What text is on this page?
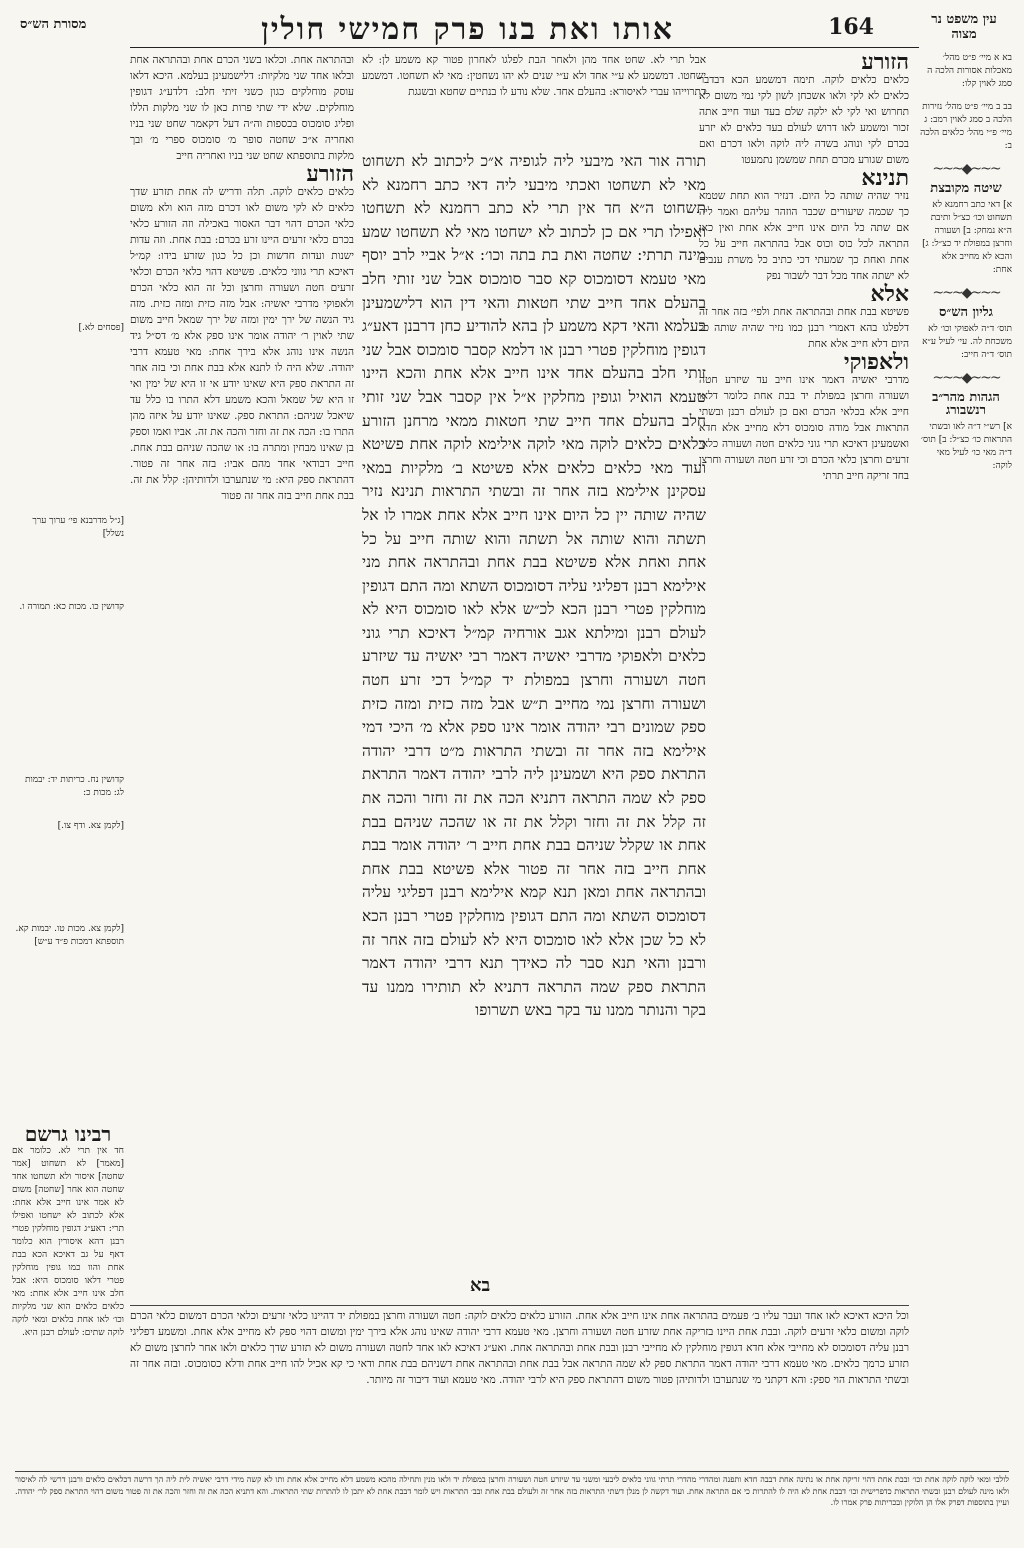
עין משפט נר מצוה
164
אותו ואת בנו פרק חמישי חולין
מסורת הש״ס
בא א מיי׳ פ״ט מהל׳ מאכלות אסורות הלכה ה סמג לאוין קלו:
בב ב מיי׳ פ״ט מהל׳ נזירות הלכה ב סמג לאוין רמב: ג מיי׳ פ״י מהל׳ כלאים הלכה ב:
~~~◆~~~
שיטה מקובצת
א] דאי כתב רחמנא לא תשחוט וכו׳ כצ״ל ותיבת ה״א נמחק: ב] ושעורה וחרצן במפולת יד כצ״ל: ג] והכא לא מחייב אלא אחת:
~~~◆~~~
גליון הש״ס
תוס׳ ד״ה לאפוקי וכו׳ לא משכחת לה. עי׳ לעיל ע״א תוס׳ ד״ה חייב:
~~~◆~~~
הגהות מהר״ב רנשבורג
א] רש״י ד״ה לאו ובשתי התראות כו׳ כצ״ל: ב] תוס׳ ד״ה מאי כו׳ לעיל מאי לוקה:
הזורע

כלאים כלאים לוקה. תימה דמשמע הכא דבדבר כלאים לא לקי ולאו אשכחן לשון לקי נמי משום לא תחרוש ואי לקי לא ילקה שלם בעד ועוד חייב אתה זכור ומשמע לאו דרוש לעולם בעד כלאים לא יזרע בכרם לקי ונוהג בשדה ליה לוקה ולאו דכרם ואם משום שגורע מכרם תחת שמשמן נתמעטו

תנינא

נזיר שהיה שותה כל היום. דנזיר הוא תחת שטמא כך שכמה שיעורים שכבר הוזהר עליהם ואמר ליה אם שתה כל היום אינו חייב אלא אחת ואין כאן התראה לכל כוס וכוס אבל בהתראה חייב על כל אחת ואחת כך שמעתי דכי כתיב כל משרת ענבים לא ישתה אחד מכל דבר לשבור נפק

אלא

פשיטא בבת אחת ובהתראה אחת ולפי׳ בזה אחר זה דלפלגו בהא דאמרי רבנן כמו נזיר שהיה שותה כל היום דלא חייב אלא אחת

ולאפוקי

מדרבי יאשיה דאמר אינו חייב עד שיזרע חטה ושעורה וחרצן במפולת יד בבת אחת כלומר דלאו חייב אלא בכלאי הכרם ואם כן לעולם רבנן ובשתי התראות אבל מודה סומכוס דלא מחייב אלא חדא ואשמעינן דאיכא תרי גוני כלאים חטה ושעורה כלאי זרעים וחרצן כלאי הכרם וכי זרע חטה ושעורה וחרצן בחד זריקה חייב תרתי

אבל תרי לא. שחט אחד מהן ולאחר הבת לפלגו לאחרון פטור קא משמע לן: לא ישחטו. דמשמע לא ע״י אחד ולא ע״י שנים לא יהו נשחטין: מאי לא תשחטו. דמשמע דתרוייהו עברי לאיסורא: בהעלם אחד. שלא נודע לו בנתיים שחטא ובשגגת

תורה אור האי מיבעי ליה לגופיה א״כ ליכתוב לא תשחוט מאי לא תשחטו ואכתי מיבעי ליה דאי כתב רחמנא לא תשחוט ה״א חד אין תרי לא כתב רחמנא לא תשחטו ואפילו תרי אם כן לכתוב לא ישחטו מאי לא תשחטו שמע מינה תרתי: שחטה ואת בת בתה וכו׳: א״ל אביי לרב יוסף מאי טעמא דסומכוס קא סבר סומכוס אבל שני זותי חלב בהעלם אחד חייב שתי חטאות והאי דין הוא דלישמעינן בעלמא והאי דקא משמע לן בהא להודיע כחן דרבנן דאע״ג דגופין מוחלקין פטרי רבנן או דלמא קסבר סומכוס אבל שני זותי חלב בהעלם אחד אינו חייב אלא אחת והכא היינו טעמא הואיל וגופין מחלקין א״ל אין קסבר אבל שני זותי חלב בהעלם אחד חייב שתי חטאות ממאי מרחנן הזורע כלאים כלאים לוקה מאי לוקה אילימא לוקה אחת פשיטא ועוד מאי כלאים כלאים אלא פשיטא ב׳ מלקיות במאי עסקינן אילימא בזה אחר זה ובשתי התראות תנינא נזיר שהיה שותה יין כל היום אינו חייב אלא אחת אמרו לו אל תשתה והוא שותה אל תשתה והוא שותה חייב על כל אחת ואחת אלא פשיטא בבת אחת ובהתראה אחת מני אילימא רבנן דפליגי עליה דסומכוס השתא ומה התם דגופין מוחלקין פטרי רבנן הכא לכ״ש אלא לאו סומכוס היא לא לעולם רבנן ומילתא אגב אורחיה קמ״ל דאיכא תרי גוני כלאים ולאפוקי מדרבי יאשיה דאמר רבי יאשיה עד שיזרע חטה ושעורה וחרצן במפולת יד קמ״ל דכי זרע חטה ושעורה וחרצן נמי מחייב ת״ש אבל מזה כזית ומזה כזית ספק שמונים רבי יהודה אומר אינו ספק אלא מ׳ היכי דמי אילימא בזה אחר זה ובשתי התראות מ״ט דרבי יהודה התראת ספק היא ושמעינן ליה לרבי יהודה דאמר התראת ספק לא שמה התראה דתניא הכה את זה וחזר והכה את זה קלל את זה וחזר וקלל את זה או שהכה שניהם בבת אחת או שקלל שניהם בבת אחת חייב ר׳ יהודה אומר בבת אחת חייב בזה אחר זה פטור אלא פשיטא בבת אחת ובהתראה אחת ומאן תנא קמא אילימא רבנן דפליגי עליה דסומכוס השתא ומה התם דגופין מוחלקין פטרי רבנן הכא לא כל שכן אלא לאו סומכוס היא לא לעולם בזה אחר זה ורבנן והאי תנא סבר לה כאידך תנא דרבי יהודה דאמר התראת ספק שמה התראה דתניא לא תותירו ממנו עד בקר והנותר ממנו עד בקר באש תשרופו

בא

ובהתראה אחת. וכלאו בשני הכרם אחת ובהתראה אחת ובלאו אחד שני מלקיות: דלישמעינן בעלמא. היכא דלאו עוסק מוחלקים כגון כשני זיתי חלב: דלדע״ג דגופין מוחלקים. שלא ידי שתי פרות כאן לו שני מלקות הללו ופליג סומכוס בכספות וה״ה דעל דקאמר שחט שני בניו ואחריה א״כ שחטה סופר מ׳ סומכוס ספרי מ׳ ובך מלקות בתוספתא שחט שני בניו ואחריה חייב

הזורע

כלאים כלאים לוקה. תלה ודריש לה אחת תזרע שדך כלאים לא לקי משום לאו דכרם מזה הוא ולא משום כלאי הכרם דהוי דבר האסור באכילה וזה הזורע כלאי בכרם כלאי זרעים היינו זרע בכרם: בבת אחת. וזה עדות ישנות ועדות חדשות וכן כל כגון שזרע בידו: קמ״ל דאיכא תרי גווני כלאים. פשיטא דהוי כלאי הכרם וכלאי זרעים חטה ושעורה וחרצן וכל זה הוא כלאי הכרם ולאפוקי מדרבי יאשיה: אבל מזה כזית ומזה כזית. מזה גיד הנשה של ירך ימין ומזה של ירך שמאל חייב משום שתי לאוין ר׳ יהודה אומר אינו ספק אלא מ׳ דס״ל גיד הנשה אינו נוהג אלא בירך אחת: מאי טעמא דרבי יהודה. שלא היה לו לתנא אלא בבת אחת וכי בזה אחר זה התראת ספק היא שאינו יודע אי זו היא של ימין ואי זו היא של שמאל והכא משמע דלא התרו בו כלל עד שיאכל שניהם: התראת ספק. שאינו יודע על איזה מהן התרו בו: הכה את זה וחזר והכה את זה. אביו ואמו וספק בן שאינו מבחין ומתרה בו: או שהכה שניהם בבת אחת. חייב דבודאי אחד מהם אביו: בזה אחר זה פטור. דהתראת ספק היא: מי שנתערבו ולדותיהן: קלל את זה. בבת אחת חייב בזה אחר זה פטור

[פסחים לא.]
[ג״ל מדרבנא פי׳ ערוך ערך נשלל]
קדושין כו. מכות כא: תמורה ו.
קדושין נח. כריתות יד: יבמות לג: מכות כ:
[לקמן צא. ודף צו.]
[לקמן צא. מכות טו. יבמות קא. תוספתא דמכות פ״ד ע״ש]
רבינו גרשם

חד אין תרי לא. כלומר אם [מאמר] לא תשחוט [אמר שחטה] איסור ולא תשחטו אחד שחטה הוא אחר [שחטה] משום לא אמר אינו חייב אלא אחת: אלא לכתוב לא ישחטו ואפילו תרי: דאע״ג דגופין מוחלקין פטרי רבנן דהא איסורין הוא כלומר דאף על גב דאיכא הכא בבת אחת והוו כמו גופין מוחלקין פטרי דלאו סומכוס היא: אבל חלב אינו חייב אלא אחת: מאי כלאים כלאים הוא שני מלקיות וכו׳ לאו אחת בלאים ומאי לוקה לוקה שתים: לעולם רבנן היא.

וכל היכא דאיכא לאו אחד ועבר עליו ב׳ פעמים בהתראה אחת אינו חייב אלא אחת. הזורע כלאים כלאים לוקה: חטה ושעורה וחרצן במפולת יד דהיינו כלאי זרעים וכלאי הכרם דמשום כלאי הכרם לוקה ומשום כלאי זרעים לוקה. ובבת אחת היינו בזריקה אחת שזרע חטה ושעורה וחרצן. מאי טעמא דרבי יהודה שאינו נוהג אלא בירך ימין ומשום דהוי ספק לא מחייב אלא אחת. ומשמע דפליגי רבנן עליה דסומכוס לא מחייבי אלא חדא דגופין מוחלקין לא מחייבי רבנן ובבת אחת ובהתראה אחת. ואע״ג דאיכא לאו אחד לחטה ושעורה משום לא תזרע שדך כלאים ולאו אחר לחרצן משום לא תזרע כרמך כלאים. מאי טעמא דרבי יהודה דאמר התראת ספק לא שמה התראה אבל בבת אחת ובהתראה אחת דשניהם בבת אחת ודאי כי קא אכיל להו חייב אחת ודלא כסומכוס. ובזה אחר זה ובשתי התראות הוי ספק: והא דקתני מי שנתערבו ולדותיהן פטור משום דהתראת ספק היא לרבי יהודה. מאי טעמא ועוד דיבור זה מיותר.

לולבי ומאי לוקה לוקה אחת וכו׳ ובבת אחת דהוי זריקה אחת או נתינה אחת דבבה חדא ותפנה ומהדרי מהדרי תרתי גווני כלאים ליבעי ומשני עד שיזרע חטה ושעורה וחרצן במפולת יד ולאו מנין ותחילה מהכא משמע דלא מחייב אלא אחת ותו לא קשה מידי דרבי יאשיה לית ליה הך דרשה דכלאים כלאים ורבנן דרשי לה לאיסור ולאו מינה לעולם רבנן ובשתי התראות כדפרישית וכו׳ דבבת אחת לא היה לו להתרות כי אם התראה אחת. ועוד דקשה לן מנלן דשתי התראות בזה אחר זה ולעולם בבת אחת ובב׳ התראות ויש לומר דבבת אחת לא יתכן לו להתרות שתי התראות. והא דתניא הכה את זה וחזר והכה את זה פטור משום דהוי התראת ספק לר׳ יהודה. ועיין בתוספות דפרק אלו הן הלוקין ובכריתות פרק אמרו לו.
